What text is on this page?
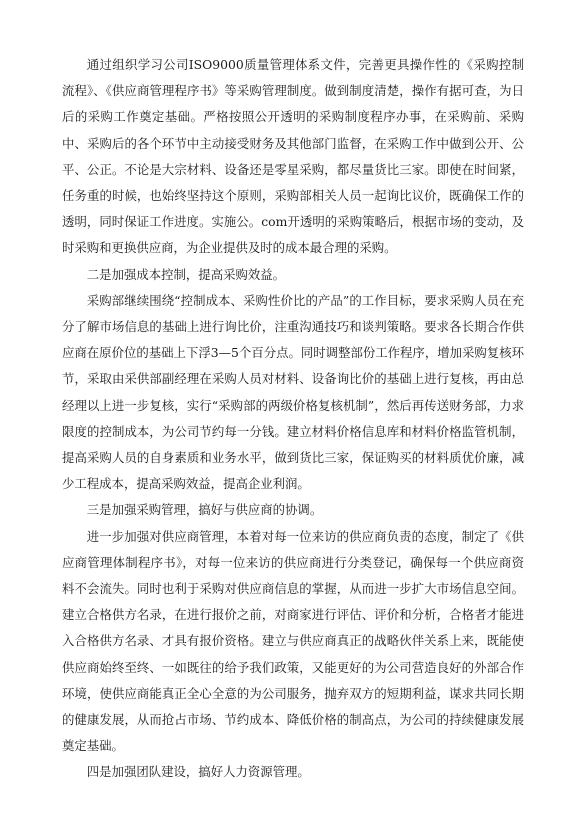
通过组织学习公司ISO9000质量管理体系文件，完善更具操作性的《采购控制流程》、《供应商管理程序书》等采购管理制度。做到制度清楚，操作有据可查，为日后的采购工作奠定基础。严格按照公开透明的采购制度程序办事，在采购前、采购中、采购后的各个环节中主动接受财务及其他部门监督，在采购工作中做到公开、公平、公正。不论是大宗材料、设备还是零星采购，都尽量货比三家。即使在时间紧，任务重的时候，也始终坚持这个原则，采购部相关人员一起询比议价，既确保工作的透明，同时保证工作进度。实施公。com开透明的采购策略后，根据市场的变动，及时采购和更换供应商，为企业提供及时的成本最合理的采购。

二是加强成本控制，提高采购效益。

采购部继续围绕“控制成本、采购性价比的产品”的工作目标，要求采购人员在充分了解市场信息的基础上进行询比价，注重沟通技巧和谈判策略。要求各长期合作供应商在原价位的基础上下浮3—5个百分点。同时调整部份工作程序，增加采购复核环节，采取由采供部副经理在采购人员对材料、设备询比价的基础上进行复核，再由总经理以上进一步复核，实行“采购部的两级价格复核机制”，然后再传送财务部，力求限度的控制成本，为公司节约每一分钱。建立材料价格信息库和材料价格监管机制，提高采购人员的自身素质和业务水平，做到货比三家，保证购买的材料质优价廉，减少工程成本，提高采购效益，提高企业利润。

三是加强采购管理，搞好与供应商的协调。

进一步加强对供应商管理，本着对每一位来访的供应商负责的态度，制定了《供应商管理体制程序书》，对每一位来访的供应商进行分类登记，确保每一个供应商资料不会流失。同时也利于采购对供应商信息的掌握，从而进一步扩大市场信息空间。建立合格供方名录，在进行报价之前，对商家进行评估、评价和分析，合格者才能进入合格供方名录、才具有报价资格。建立与供应商真正的战略伙伴关系上来，既能使供应商始终至终、一如既往的给予我们政策，又能更好的为公司营造良好的外部合作环境，使供应商能真正全心全意的为公司服务，抛弃双方的短期利益，谋求共同长期的健康发展，从而抢占市场、节约成本、降低价格的制高点，为公司的持续健康发展奠定基础。

四是加强团队建设，搞好人力资源管理。
